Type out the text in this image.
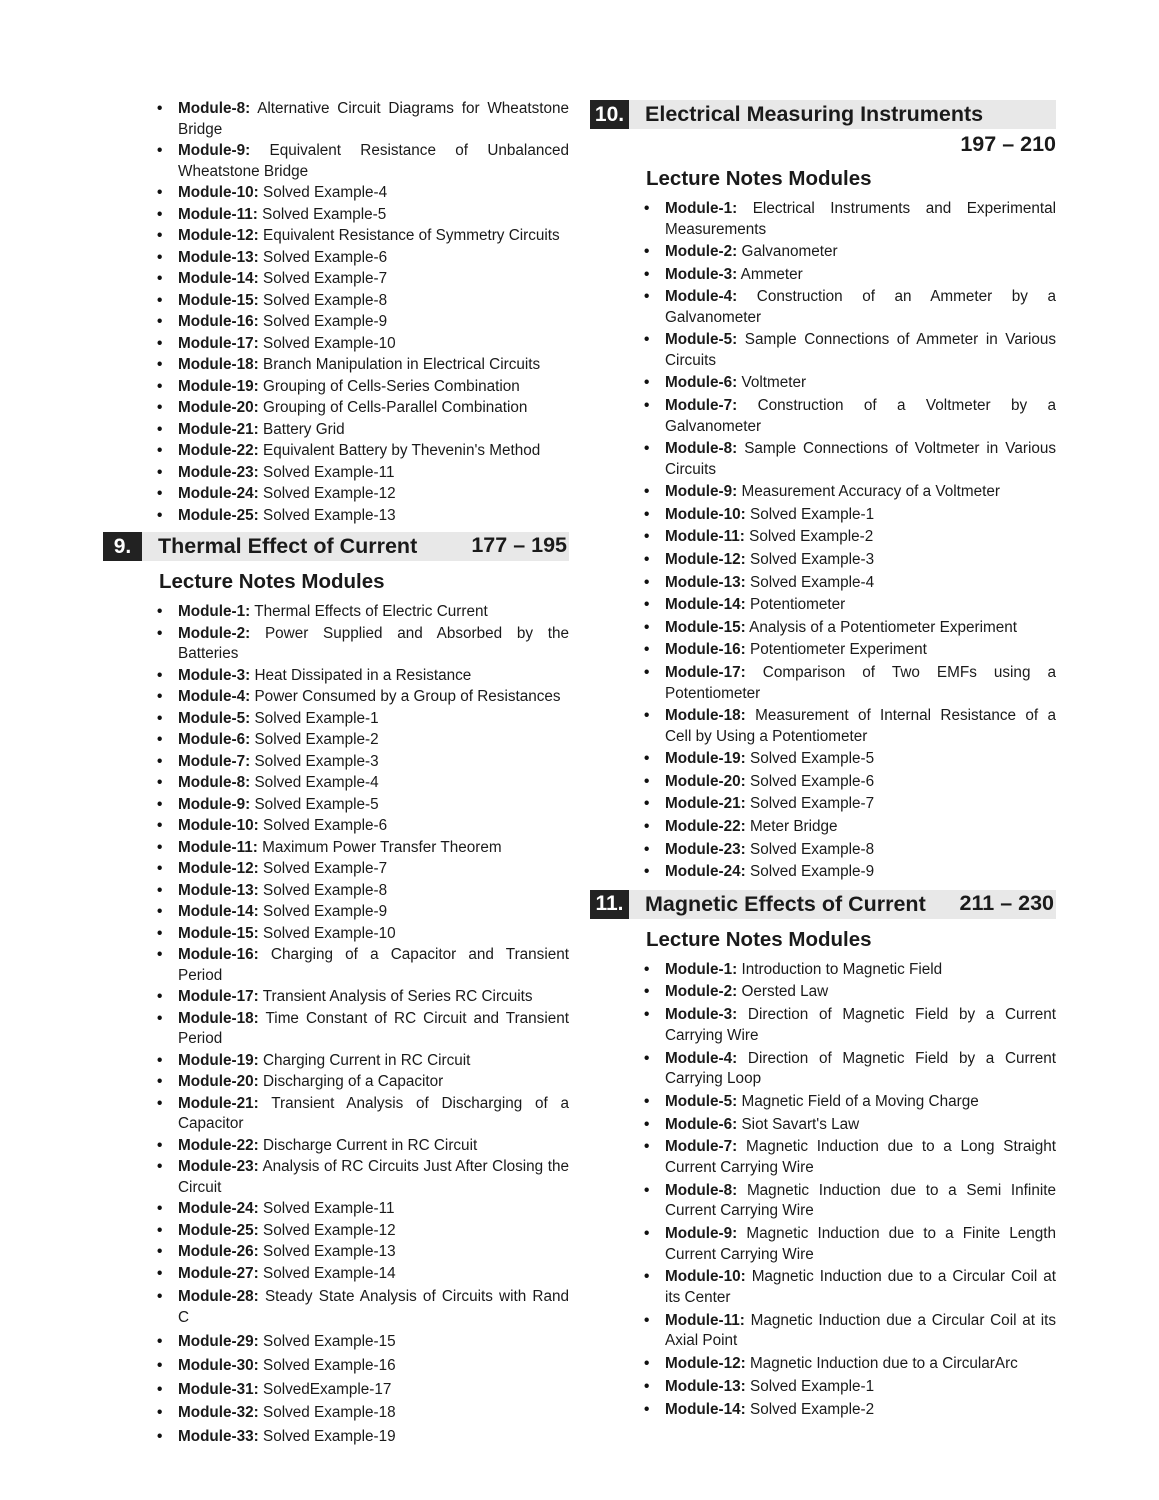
• Module-8: Alternative Circuit Diagrams for Wheatstone Bridge
• Module-9: Equivalent Resistance of Unbalanced Wheatstone Bridge
• Module-10: Solved Example-4
• Module-11: Solved Example-5
• Module-12: Equivalent Resistance of Symmetry Circuits
• Module-13: Solved Example-6
• Module-14: Solved Example-7
• Module-15: Solved Example-8
• Module-16: Solved Example-9
• Module-17: Solved Example-10
• Module-18: Branch Manipulation in Electrical Circuits
• Module-19: Grouping of Cells-Series Combination
• Module-20: Grouping of Cells-Parallel Combination
• Module-21: Battery Grid
• Module-22: Equivalent Battery by Thevenin's Method
• Module-23: Solved Example-11
• Module-24: Solved Example-12
• Module-25: Solved Example-13
9.	Thermal Effect of Current	177 – 195
Lecture Notes Modules
• Module-1: Thermal Effects of Electric Current
• Module-2: Power Supplied and Absorbed by the Batteries
• Module-3: Heat Dissipated in a Resistance
• Module-4: Power Consumed by a Group of Resistances
• Module-5: Solved Example-1
• Module-6: Solved Example-2
• Module-7: Solved Example-3
• Module-8: Solved Example-4
• Module-9: Solved Example-5
• Module-10: Solved Example-6
• Module-11: Maximum Power Transfer Theorem
• Module-12: Solved Example-7
• Module-13: Solved Example-8
• Module-14: Solved Example-9
• Module-15: Solved Example-10
• Module-16: Charging of a Capacitor and Transient Period
• Module-17: Transient Analysis of Series RC Circuits
• Module-18: Time Constant of RC Circuit and Transient Period
• Module-19: Charging Current in RC Circuit
• Module-20: Discharging of a Capacitor
• Module-21: Transient Analysis of Discharging of a Capacitor
• Module-22: Discharge Current in RC Circuit
• Module-23: Analysis of RC Circuits Just After Closing the Circuit
• Module-24: Solved Example-11
• Module-25: Solved Example-12
• Module-26: Solved Example-13
• Module-27: Solved Example-14
• Module-28: Steady State Analysis of Circuits with Rand C
• Module-29: Solved Example-15
• Module-30: Solved Example-16
• Module-31: SolvedExample-17
• Module-32: Solved Example-18
• Module-33: Solved Example-19
10. Electrical Measuring Instruments
197 – 210
Lecture Notes Modules
• Module-1: Electrical Instruments and Experimental Measurements
• Module-2: Galvanometer
• Module-3: Ammeter
• Module-4: Construction of an Ammeter by a Galvanometer
• Module-5: Sample Connections of Ammeter in Various Circuits
• Module-6: Voltmeter
• Module-7: Construction of a Voltmeter by a Galvanometer
• Module-8: Sample Connections of Voltmeter in Various Circuits
• Module-9: Measurement Accuracy of a Voltmeter
• Module-10: Solved Example-1
• Module-11: Solved Example-2
• Module-12: Solved Example-3
• Module-13: Solved Example-4
• Module-14: Potentiometer
• Module-15: Analysis of a Potentiometer Experiment
• Module-16: Potentiometer Experiment
• Module-17: Comparison of Two EMFs using a Potentiometer
• Module-18: Measurement of Internal Resistance of a Cell by Using a Potentiometer
• Module-19: Solved Example-5
• Module-20: Solved Example-6
• Module-21: Solved Example-7
• Module-22: Meter Bridge
• Module-23: Solved Example-8
• Module-24: Solved Example-9
11. Magnetic Effects of Current 211 – 230
Lecture Notes Modules
• Module-1: Introduction to Magnetic Field
• Module-2: Oersted Law
• Module-3: Direction of Magnetic Field by a Current Carrying Wire
• Module-4: Direction of Magnetic Field by a Current Carrying Loop
• Module-5: Magnetic Field of a Moving Charge
• Module-6: Siot Savart's Law
• Module-7: Magnetic Induction due to a Long Straight Current Carrying Wire
• Module-8: Magnetic Induction due to a Semi Infinite Current Carrying Wire
• Module-9: Magnetic Induction due to a Finite Length Current Carrying Wire
• Module-10: Magnetic Induction due to a Circular Coil at its Center
• Module-11: Magnetic Induction due a Circular Coil at its Axial Point
• Module-12: Magnetic Induction due to a CircularArc
• Module-13: Solved Example-1
• Module-14: Solved Example-2
